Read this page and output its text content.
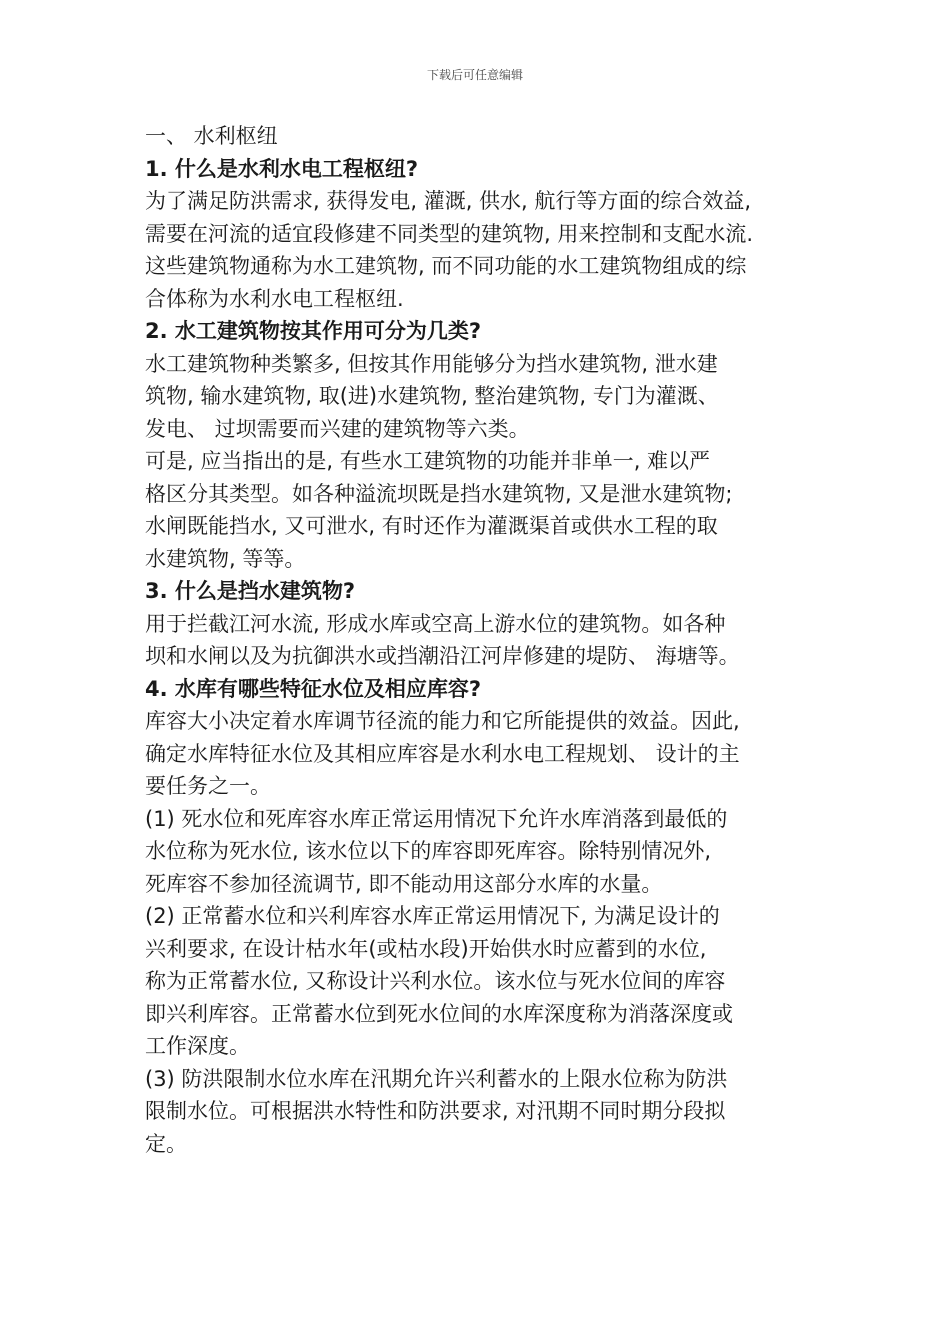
下载后可任意编辑
一、 水利枢纽
1. 什么是水利水电工程枢纽?
为了满足防洪需求, 获得发电, 灌溉, 供水, 航行等方面的综合效益,
需要在河流的适宜段修建不同类型的建筑物, 用来控制和支配水流.
这些建筑物通称为水工建筑物, 而不同功能的水工建筑物组成的综
合体称为水利水电工程枢纽.
2. 水工建筑物按其作用可分为几类?
水工建筑物种类繁多, 但按其作用能够分为挡水建筑物, 泄水建
筑物, 输水建筑物, 取(进)水建筑物, 整治建筑物, 专门为灌溉、
发电、 过坝需要而兴建的建筑物等六类。
可是, 应当指出的是, 有些水工建筑物的功能并非单一, 难以严
格区分其类型。如各种溢流坝既是挡水建筑物, 又是泄水建筑物;
水闸既能挡水, 又可泄水, 有时还作为灌溉渠首或供水工程的取
水建筑物, 等等。
3. 什么是挡水建筑物?
用于拦截江河水流, 形成水库或空高上游水位的建筑物。如各种
坝和水闸以及为抗御洪水或挡潮沿江河岸修建的堤防、 海塘等。
4. 水库有哪些特征水位及相应库容?
库容大小决定着水库调节径流的能力和它所能提供的效益。因此,
确定水库特征水位及其相应库容是水利水电工程规划、 设计的主
要任务之一。
(1) 死水位和死库容水库正常运用情况下允许水库消落到最低的
水位称为死水位, 该水位以下的库容即死库容。除特别情况外,
死库容不参加径流调节, 即不能动用这部分水库的水量。
(2) 正常蓄水位和兴利库容水库正常运用情况下, 为满足设计的
兴利要求, 在设计枯水年(或枯水段)开始供水时应蓄到的水位,
称为正常蓄水位, 又称设计兴利水位。该水位与死水位间的库容
即兴利库容。正常蓄水位到死水位间的水库深度称为消落深度或
工作深度。
(3) 防洪限制水位水库在汛期允许兴利蓄水的上限水位称为防洪
限制水位。可根据洪水特性和防洪要求, 对汛期不同时期分段拟
定。
